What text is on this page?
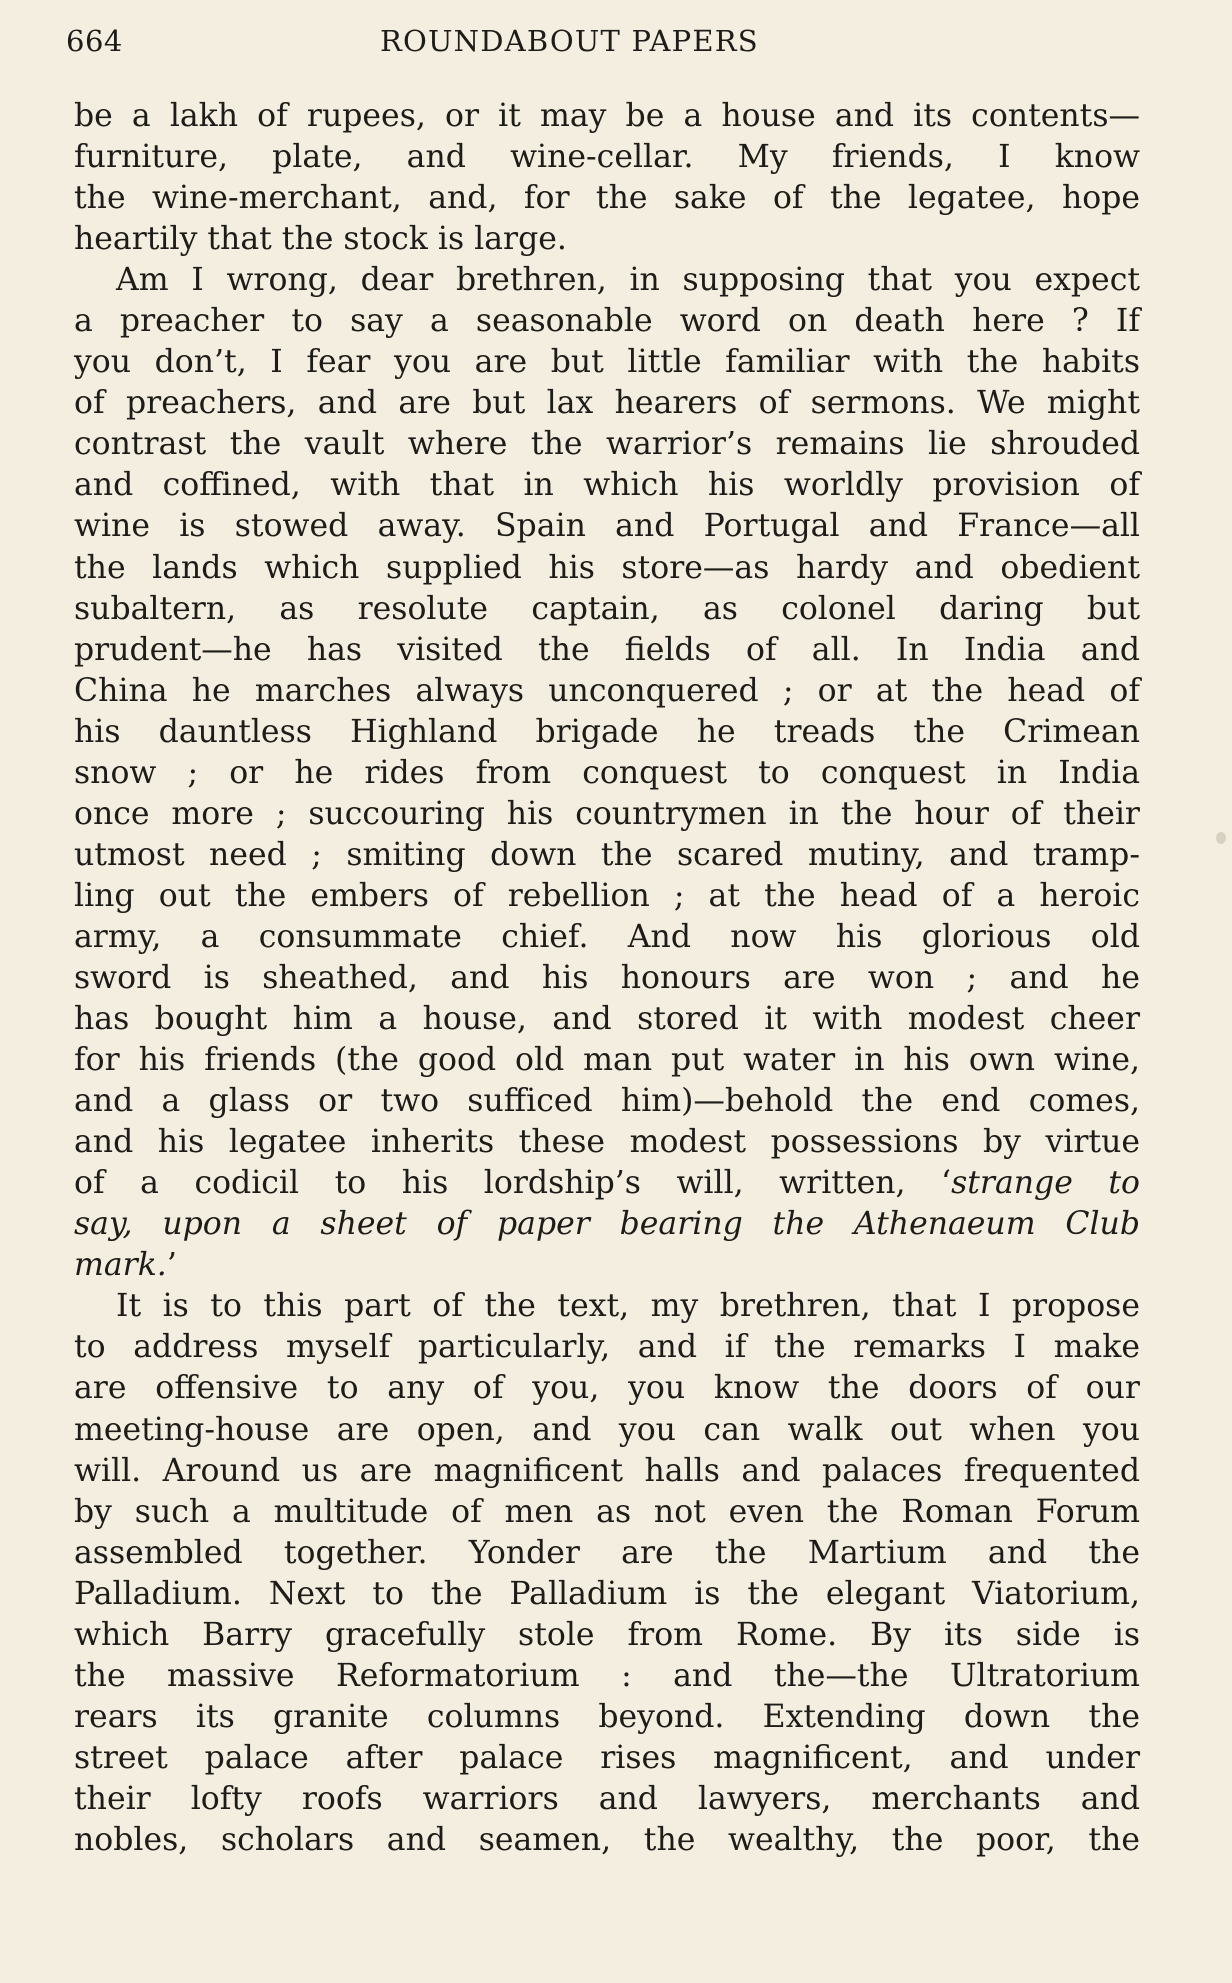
664	ROUNDABOUT PAPERS
be a lakh of rupees, or it may be a house and its contents—
furniture, plate, and wine-cellar. My friends, I know
the wine-merchant, and, for the sake of the legatee, hope
heartily that the stock is large.
Am I wrong, dear brethren, in supposing that you expect
a preacher to say a seasonable word on death here ? If
you don’t, I fear you are but little familiar with the habits
of preachers, and are but lax hearers of sermons. We might
contrast the vault where the warrior’s remains lie shrouded
and coffined, with that in which his worldly provision of
wine is stowed away. Spain and Portugal and France—all
the lands which supplied his store—as hardy and obedient
subaltern, as resolute captain, as colonel daring but
prudent—he has visited the fields of all. In India and
China he marches always unconquered ; or at the head of
his dauntless Highland brigade he treads the Crimean
snow ; or he rides from conquest to conquest in India
once more ; succouring his countrymen in the hour of their
utmost need ; smiting down the scared mutiny, and tramp-
ling out the embers of rebellion ; at the head of a heroic
army, a consummate chief. And now his glorious old
sword is sheathed, and his honours are won ; and he
has bought him a house, and stored it with modest cheer
for his friends (the good old man put water in his own wine,
and a glass or two sufficed him)—behold the end comes,
and his legatee inherits these modest possessions by virtue
of a codicil to his lordship’s will, written, ‘strange to
say, upon a sheet of paper bearing the Athenaeum Club
mark.’
It is to this part of the text, my brethren, that I propose
to address myself particularly, and if the remarks I make
are offensive to any of you, you know the doors of our
meeting-house are open, and you can walk out when you
will. Around us are magnificent halls and palaces frequented
by such a multitude of men as not even the Roman Forum
assembled together. Yonder are the Martium and the
Palladium. Next to the Palladium is the elegant Viatorium,
which Barry gracefully stole from Rome. By its side is
the massive Reformatorium : and the—the Ultratorium
rears its granite columns beyond. Extending down the
street palace after palace rises magnificent, and under
their lofty roofs warriors and lawyers, merchants and
nobles, scholars and seamen, the wealthy, the poor, the
